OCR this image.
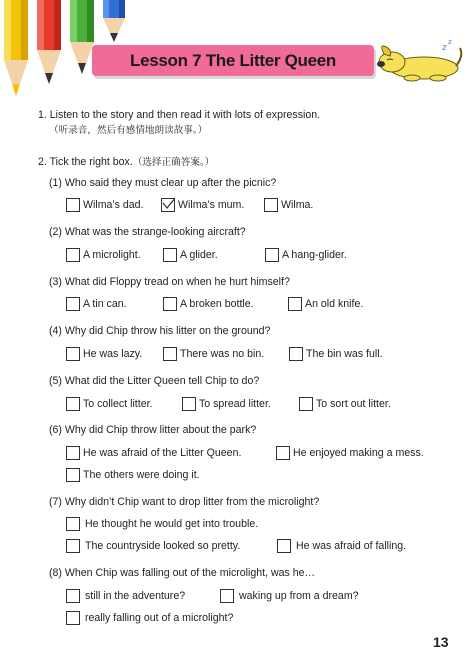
Lesson 7 The Litter Queen
z
z
1. Listen to the story and then read it with lots of expression.
（听录音，然后有感情地朗读故事。）
2. Tick the right box.（选择正确答案。）
(1) Who said they must clear up after the picnic?
Wilma’s dad.	Wilma’s mum.	Wilma.
(2) What was the strange-looking aircraft?
A microlight.	A glider.	A hang-glider.
(3) What did Floppy tread on when he hurt himself?
A tin can.	A broken bottle.	An old knife.
(4) Why did Chip throw his litter on the ground?
He was lazy.	There was no bin.	The bin was full.
(5) What did the Litter Queen tell Chip to do?
To collect litter.	To spread litter.	To sort out litter.
(6) Why did Chip throw litter about the park?
He was afraid of the Litter Queen.	He enjoyed making a mess.
The others were doing it.
(7) Why didn’t Chip want to drop litter from the microlight?
He thought he would get into trouble.
The countryside looked so pretty.	He was afraid of falling.
(8) When Chip was falling out of the microlight, was he…
still in the adventure?	waking up from a dream?
really falling out of a microlight?
13
